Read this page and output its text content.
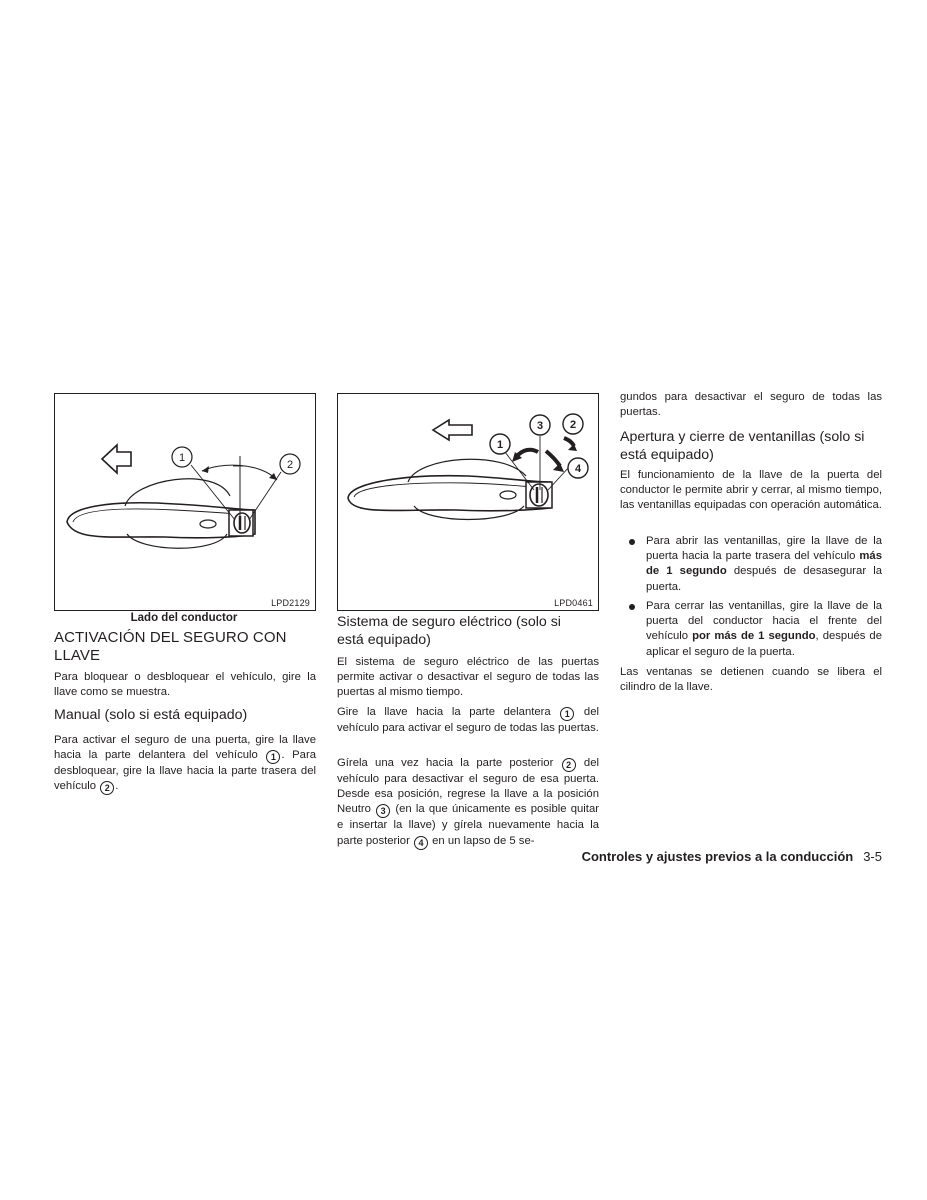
1
2
LPD2129
Lado del conductor
ACTIVACIÓN DEL SEGURO CON
LLAVE

Para bloquear o desbloquear el vehículo, gire la llave como se muestra.

Manual (solo si está equipado)

Para activar el seguro de una puerta, gire la llave hacia la parte delantera del vehículo 1 . Para desbloquear, gire la llave hacia la parte trasera del vehículo 2 .

1
2
3
4
LPD0461
Sistema de seguro eléctrico (solo si
está equipado)

El sistema de seguro eléctrico de las puertas permite activar o desactivar el seguro de todas las puertas al mismo tiempo.

Gire la llave hacia la parte delantera 1 del vehículo para activar el seguro de todas las puertas.

Gírela una vez hacia la parte posterior 2 del vehículo para desactivar el seguro de esa puerta. Desde esa posición, regrese la llave a la posición Neutro 3 (en la que únicamente es posible quitar e insertar la llave) y gírela nuevamente hacia la parte posterior 4 en un lapso de 5 se-

gundos para desactivar el seguro de todas las puertas.

Apertura y cierre de ventanillas (solo si
está equipado)

El funcionamiento de la llave de la puerta del conductor le permite abrir y cerrar, al mismo tiempo, las ventanillas equipadas con operación automática.

Para abrir las ventanillas, gire la llave de la puerta hacia la parte trasera del vehículo más de 1 segundo después de desasegurar la puerta.
Para cerrar las ventanillas, gire la llave de la puerta del conductor hacia el frente del vehículo por más de 1 segundo, después de aplicar el seguro de la puerta.

Las ventanas se detienen cuando se libera el cilindro de la llave.

Controles y ajustes previos a la conducción 3-5
